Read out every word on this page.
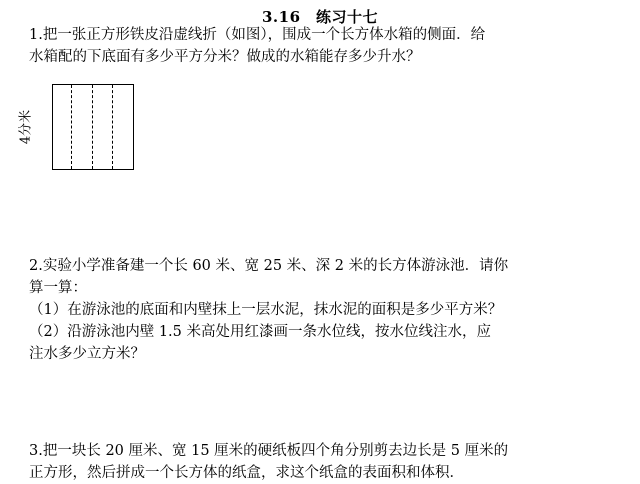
3.16　练习十七

1.把一张正方形铁皮沿虚线折（如图），围成一个长方体水箱的侧面．给

水箱配的下底面有多少平方分米？做成的水箱能存多少升水？

4分米

2.实验小学准备建一个长 60 米、宽 25 米、深 2 米的长方体游泳池．请你

算一算：

（1）在游泳池的底面和内壁抹上一层水泥，抹水泥的面积是多少平方米？

（2）沿游泳池内壁 1.5 米高处用红漆画一条水位线，按水位线注水，应

注水多少立方米？

3.把一块长 20 厘米、宽 15 厘米的硬纸板四个角分别剪去边长是 5 厘米的

正方形，然后拼成一个长方体的纸盒，求这个纸盒的表面积和体积．
